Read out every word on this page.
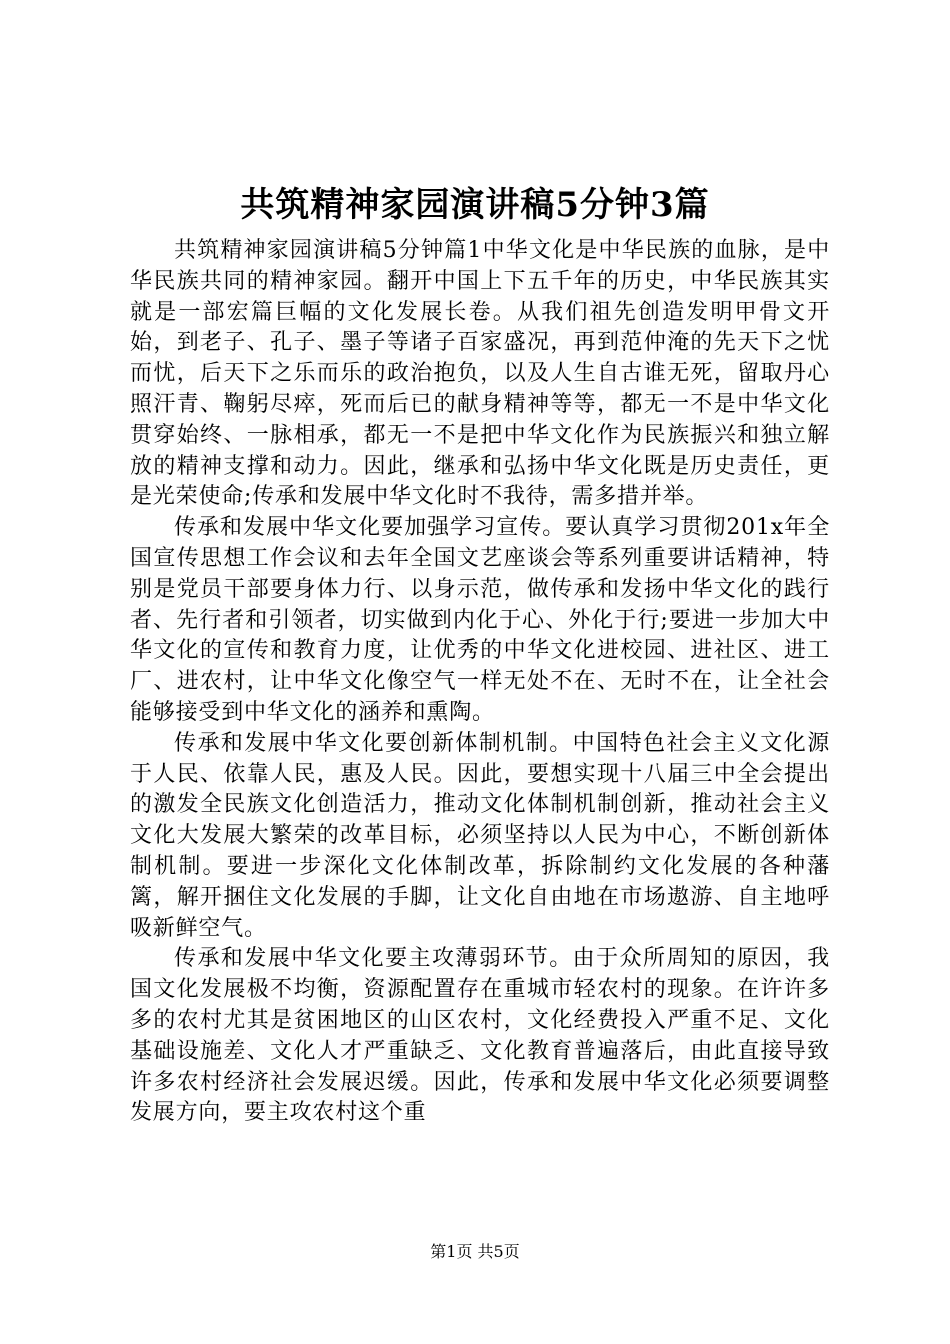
共筑精神家园演讲稿5分钟3篇

共筑精神家园演讲稿5分钟篇1中华文化是中华民族的血脉，是中华民族共同的精神家园。翻开中国上下五千年的历史，中华民族其实就是一部宏篇巨幅的文化发展长卷。从我们祖先创造发明甲骨文开始，到老子、孔子、墨子等诸子百家盛况，再到范仲淹的先天下之忧而忧，后天下之乐而乐的政治抱负，以及人生自古谁无死，留取丹心照汗青、鞠躬尽瘁，死而后已的献身精神等等，都无一不是中华文化贯穿始终、一脉相承，都无一不是把中华文化作为民族振兴和独立解放的精神支撑和动力。因此，继承和弘扬中华文化既是历史责任，更是光荣使命;传承和发展中华文化时不我待，需多措并举。

传承和发展中华文化要加强学习宣传。要认真学习贯彻201x年全国宣传思想工作会议和去年全国文艺座谈会等系列重要讲话精神，特别是党员干部要身体力行、以身示范，做传承和发扬中华文化的践行者、先行者和引领者，切实做到内化于心、外化于行;要进一步加大中华文化的宣传和教育力度，让优秀的中华文化进校园、进社区、进工厂、进农村，让中华文化像空气一样无处不在、无时不在，让全社会能够接受到中华文化的涵养和熏陶。

传承和发展中华文化要创新体制机制。中国特色社会主义文化源于人民、依靠人民，惠及人民。因此，要想实现十八届三中全会提出的激发全民族文化创造活力，推动文化体制机制创新，推动社会主义文化大发展大繁荣的改革目标，必须坚持以人民为中心，不断创新体制机制。要进一步深化文化体制改革，拆除制约文化发展的各种藩篱，解开捆住文化发展的手脚，让文化自由地在市场遨游、自主地呼吸新鲜空气。

传承和发展中华文化要主攻薄弱环节。由于众所周知的原因，我国文化发展极不均衡，资源配置存在重城市轻农村的现象。在许许多多的农村尤其是贫困地区的山区农村，文化经费投入严重不足、文化基础设施差、文化人才严重缺乏、文化教育普遍落后，由此直接导致许多农村经济社会发展迟缓。因此，传承和发展中华文化必须要调整发展方向，要主攻农村这个重

第1页 共5页
